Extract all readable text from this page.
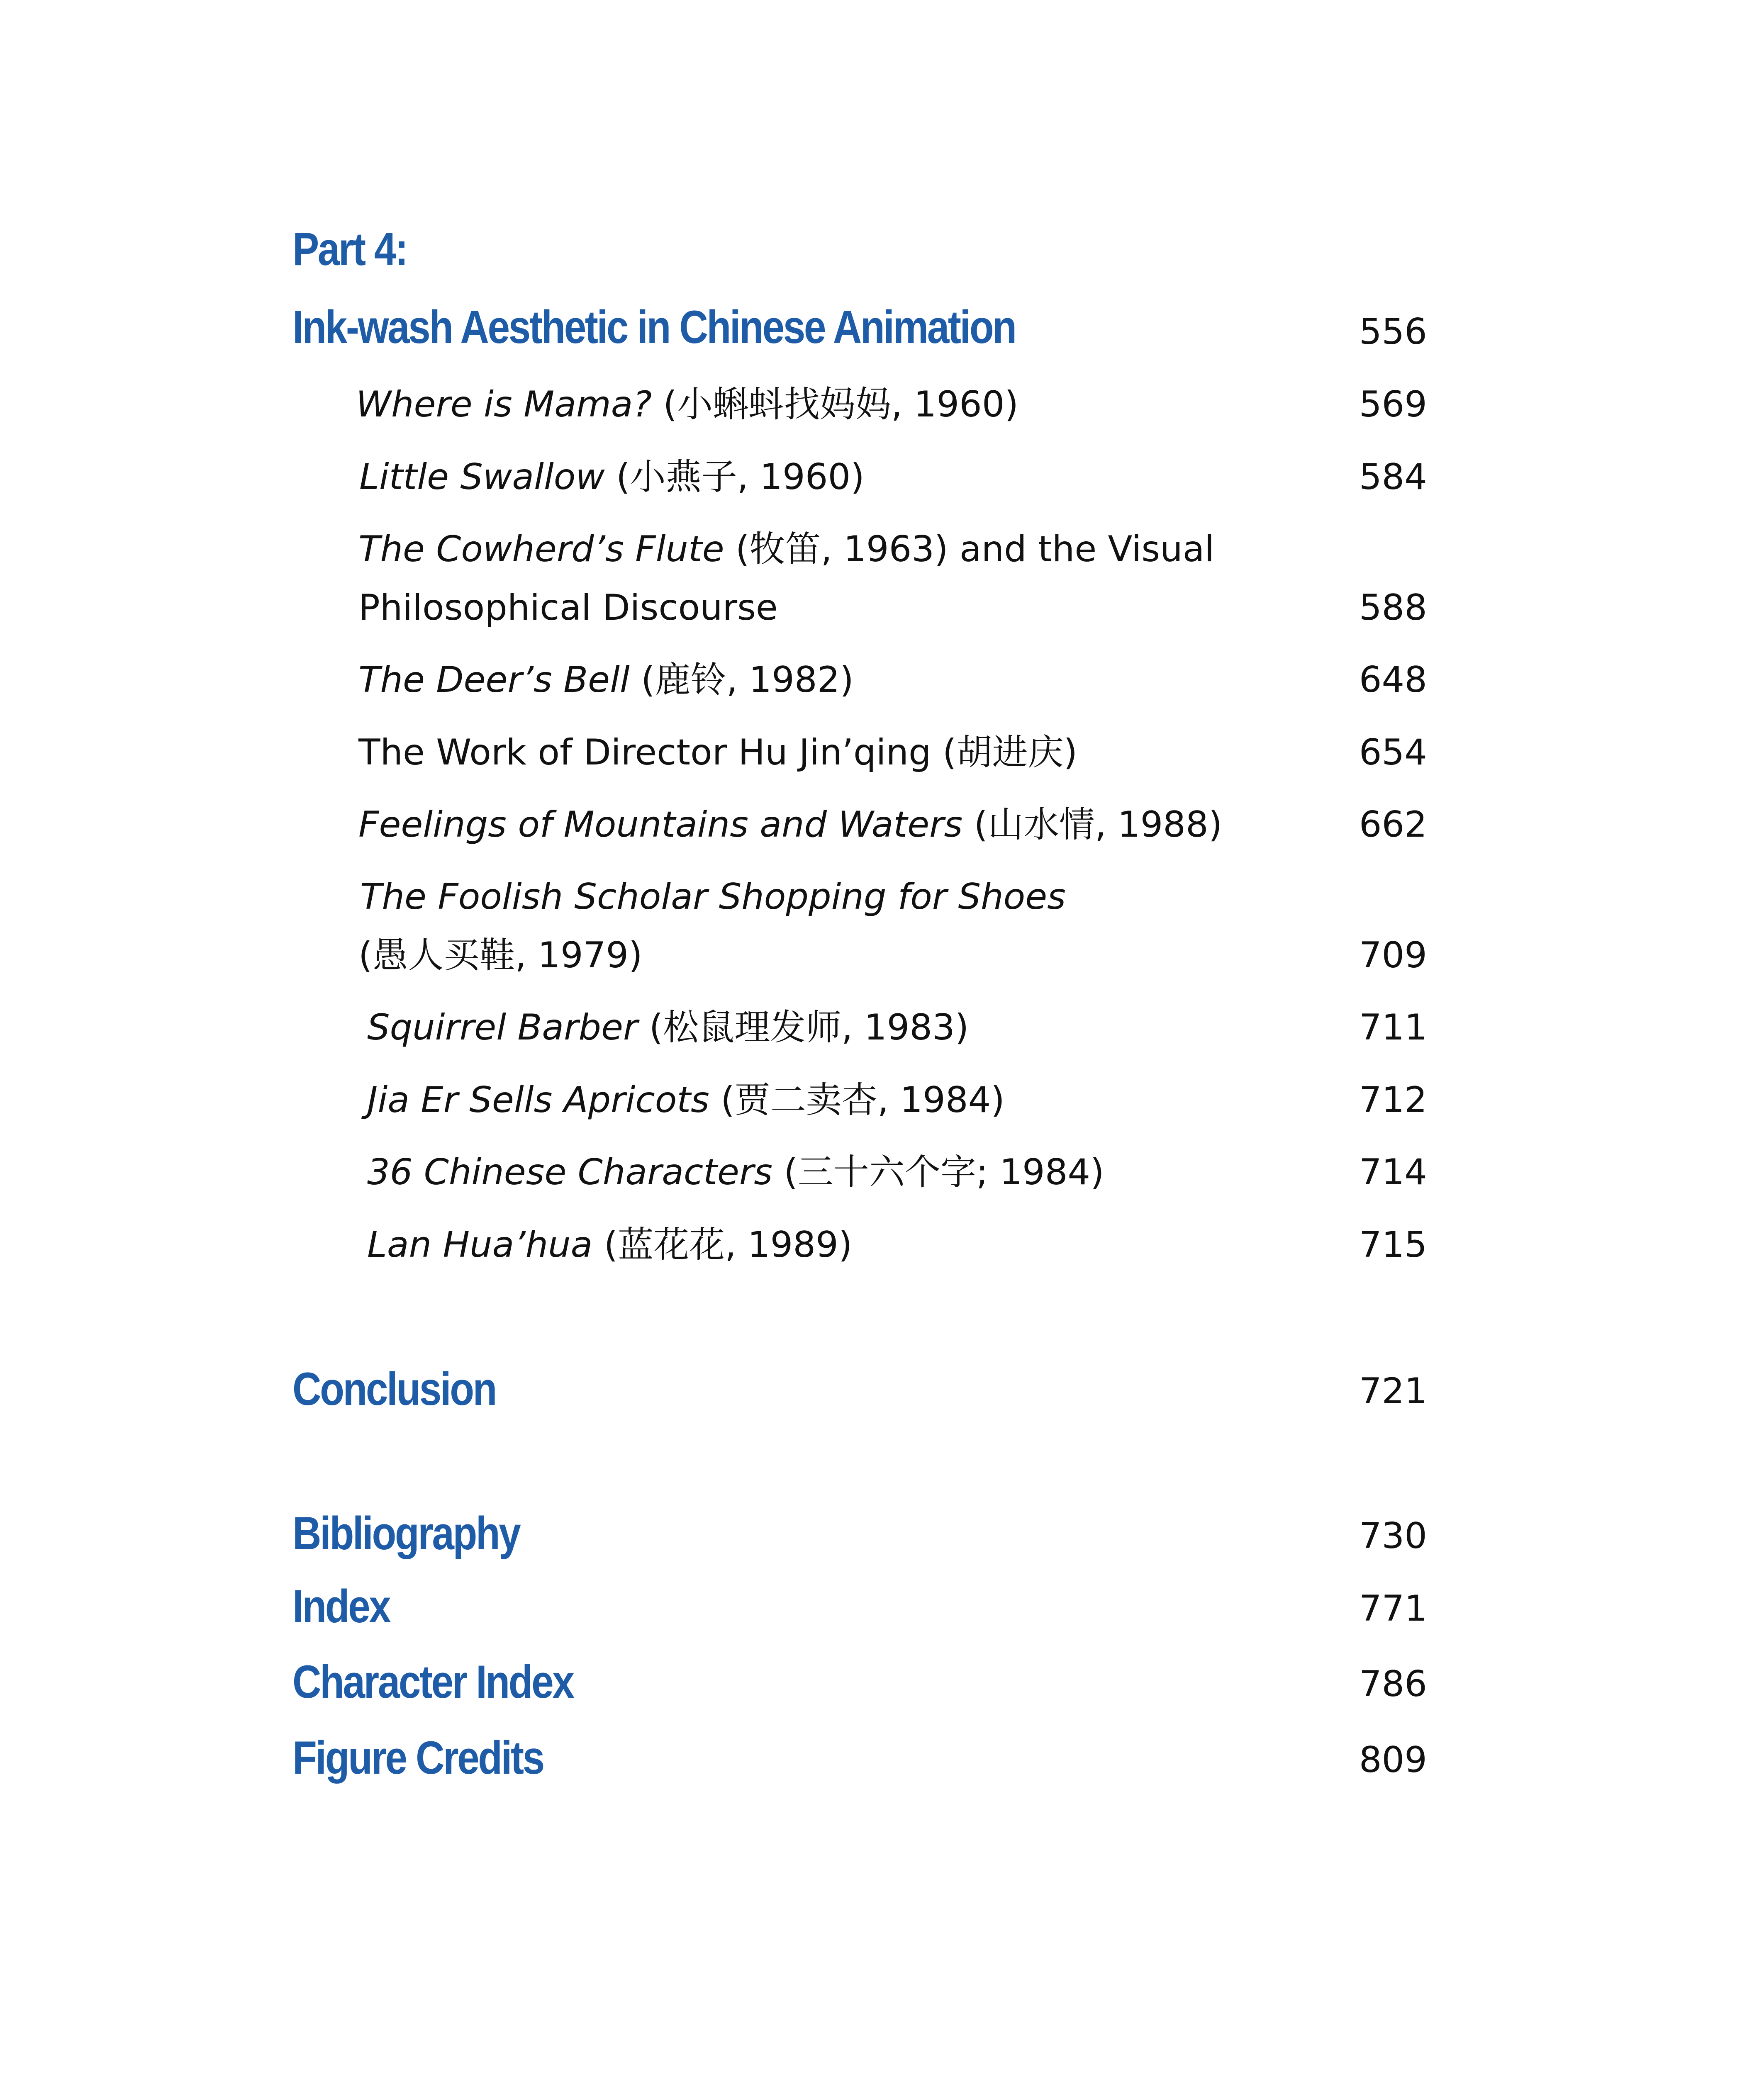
Part 4:
Ink-wash Aesthetic in Chinese Animation	556
Where is Mama? (小蝌蚪找妈妈, 1960)	569
Little Swallow (小燕子, 1960)	584
The Cowherd’s Flute (牧笛, 1963) and the Visual
Philosophical Discourse	588
The Deer’s Bell (鹿铃, 1982)	648
The Work of Director Hu Jin’qing (胡进庆)	654
Feelings of Mountains and Waters (山水情, 1988)	662
The Foolish Scholar Shopping for Shoes
(愚人买鞋, 1979)	709
Squirrel Barber (松鼠理发师, 1983)	711
Jia Er Sells Apricots (贾二卖杏, 1984)	712
36 Chinese Characters (三十六个字; 1984)	714
Lan Hua’hua (蓝花花, 1989)	715
Conclusion	721
Bibliography	730
Index	771
Character Index	786
Figure Credits	809
